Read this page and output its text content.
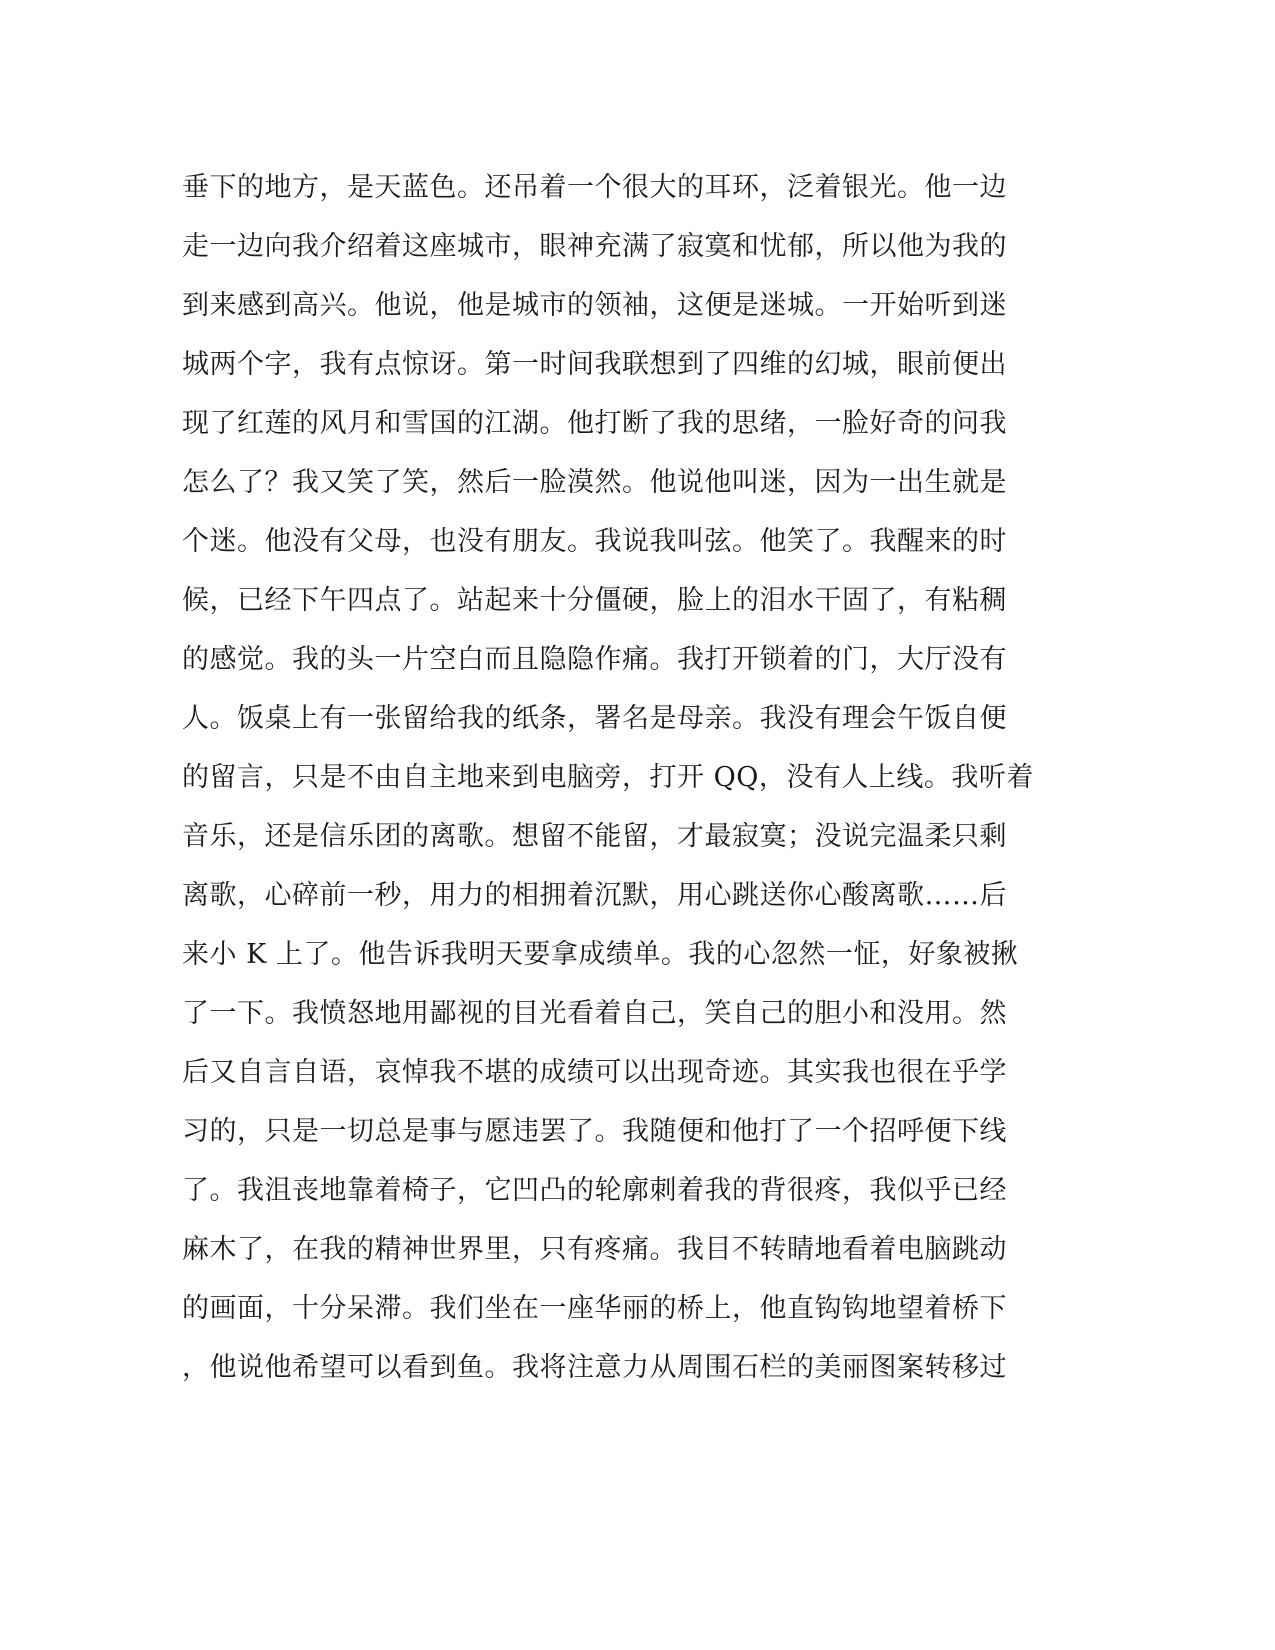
垂下的地方，是天蓝色。还吊着一个很大的耳环，泛着银光。他一边
走一边向我介绍着这座城市，眼神充满了寂寞和忧郁，所以他为我的
到来感到高兴。他说，他是城市的领袖，这便是迷城。一开始听到迷
城两个字，我有点惊讶。第一时间我联想到了四维的幻城，眼前便出
现了红莲的风月和雪国的江湖。他打断了我的思绪，一脸好奇的问我
怎么了？我又笑了笑，然后一脸漠然。他说他叫迷，因为一出生就是
个迷。他没有父母，也没有朋友。我说我叫弦。他笑了。我醒来的时
候，已经下午四点了。站起来十分僵硬，脸上的泪水干固了，有粘稠
的感觉。我的头一片空白而且隐隐作痛。我打开锁着的门，大厅没有
人。饭桌上有一张留给我的纸条，署名是母亲。我没有理会午饭自便
的留言，只是不由自主地来到电脑旁，打开 QQ，没有人上线。我听着
音乐，还是信乐团的离歌。想留不能留，才最寂寞；没说完温柔只剩
离歌，心碎前一秒，用力的相拥着沉默，用心跳送你心酸离歌……后
来小 K 上了。他告诉我明天要拿成绩单。我的心忽然一怔，好象被揪
了一下。我愤怒地用鄙视的目光看着自己，笑自己的胆小和没用。然
后又自言自语，哀悼我不堪的成绩可以出现奇迹。其实我也很在乎学
习的，只是一切总是事与愿违罢了。我随便和他打了一个招呼便下线
了。我沮丧地靠着椅子，它凹凸的轮廓刺着我的背很疼，我似乎已经
麻木了，在我的精神世界里，只有疼痛。我目不转睛地看着电脑跳动
的画面，十分呆滞。我们坐在一座华丽的桥上，他直钩钩地望着桥下
，他说他希望可以看到鱼。我将注意力从周围石栏的美丽图案转移过
